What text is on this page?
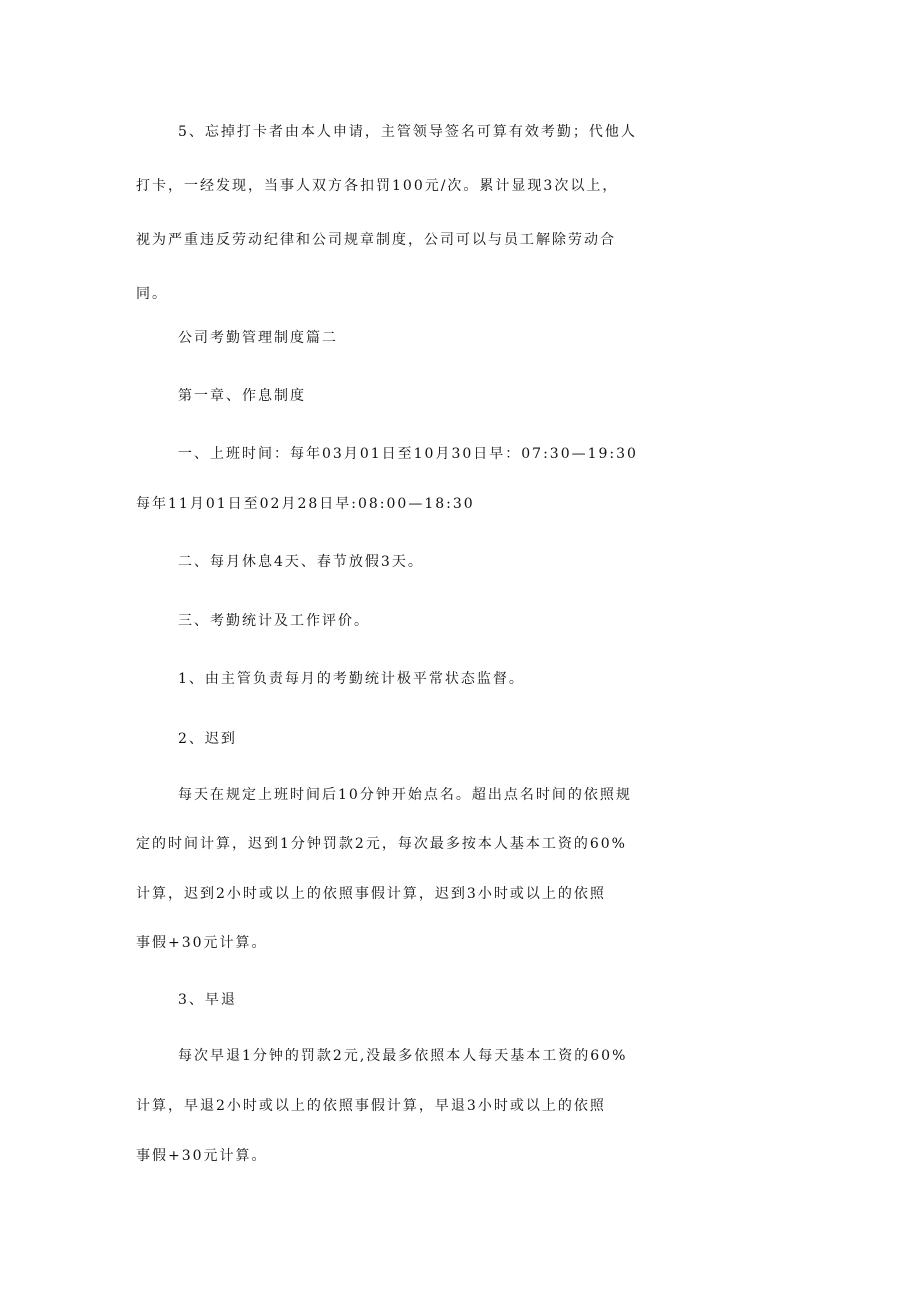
5、忘掉打卡者由本人申请，主管领导签名可算有效考勤；代他人
打卡，一经发现，当事人双方各扣罚100元/次。累计显现3次以上，
视为严重违反劳动纪律和公司规章制度，公司可以与员工解除劳动合
同。
公司考勤管理制度篇二
第一章、作息制度
一、上班时间：每年03月01日至10月30日早：07:30—19:30
每年11月01日至02月28日早:08:00—18:30
二、每月休息4天、春节放假3天。
三、考勤统计及工作评价。
1、由主管负责每月的考勤统计极平常状态监督。
2、迟到
每天在规定上班时间后10分钟开始点名。超出点名时间的依照规
定的时间计算，迟到1分钟罚款2元，每次最多按本人基本工资的60%
计算，迟到2小时或以上的依照事假计算，迟到3小时或以上的依照
事假+30元计算。
3、早退
每次早退1分钟的罚款2元,没最多依照本人每天基本工资的60%
计算，早退2小时或以上的依照事假计算，早退3小时或以上的依照
事假+30元计算。
